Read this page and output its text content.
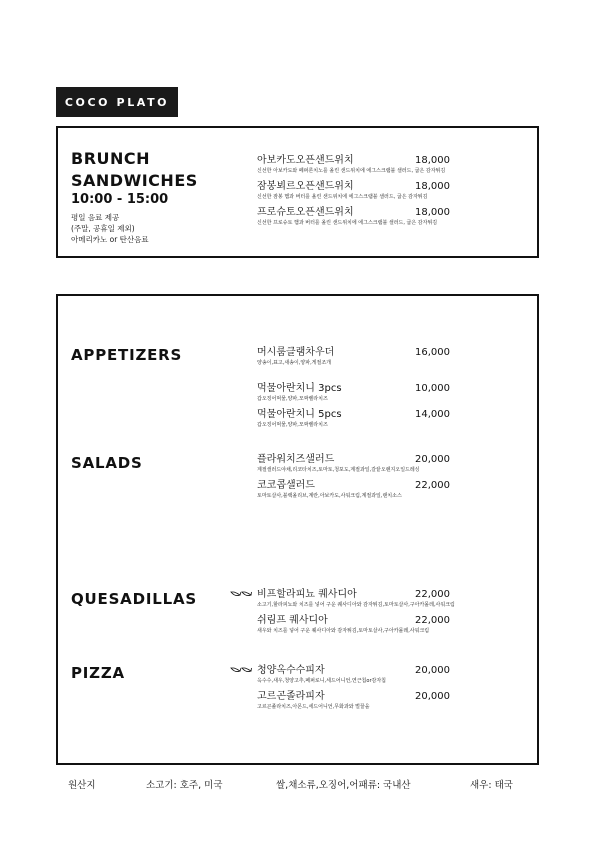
COCO PLATO
BRUNCH
SANDWICHES
10:00 - 15:00
평일 음료 제공
(주말, 공휴일 제외)
아메리카노 or 탄산음료
아보카도오픈샌드위치	18,000
신선한 아보카도와 페퍼론치노를 올린 샌드위치에 에그스크램블 샐러드, 굽은 감자튀김
잠봉뵈르오픈샌드위치	18,000
신선한 잠봉 햄과 버터를 올린 샌드위치에 에그스크램블 샐러드, 굽은 감자튀김
프로슈토오픈샌드위치	18,000
신선한 프로슈토 햄과 버터를 올린 샌드위치에 에그스크램블 샐러드, 굽은 감자튀김
APPETIZERS	머시룸클램차우더	16,000
양송이,표고,새송이,양파,게절조개
먹물아란치니 3pcs	10,000
갑오징어먹물,양파,모짜렐라치즈
먹물아란치니 5pcs	14,000
갑오징어먹물,양파,모짜렐라치즈
SALADS	플라워치즈샐러드	20,000
계절샐러드야채,리코타치즈,토마토,청포도,계절과일,갈끝오렌지오일드레싱
코코콥샐러드	22,000
토마토살사,블랙올리브,계란,아보카도,사워크림,계절과일,랜치소스
QUESADILLAS	비프할라피뇨 퀘사디아	22,000
소고기,할라피뇨와 치즈를 넣어 구운 퀘사디아와 감자튀김,토마토살사,구아카몰레,사워크림
쉬림프 퀘사디아	22,000
새우와 치즈를 넣어 구운 퀘사디아와 감자튀김,토마토살사,구아카몰레,사워크림
PIZZA	청양옥수수피자	20,000
옥수수,새우,청양고추,페퍼로니,세드어니언,연근칩or감자칩
고르곤졸라피자	20,000
고르곤졸라치즈,아몬드,세드어니언,무화과와 벌꿀을
원산지	소고기: 호주, 미국	쌀,채소류,오징어,어패류: 국내산	새우: 태국
